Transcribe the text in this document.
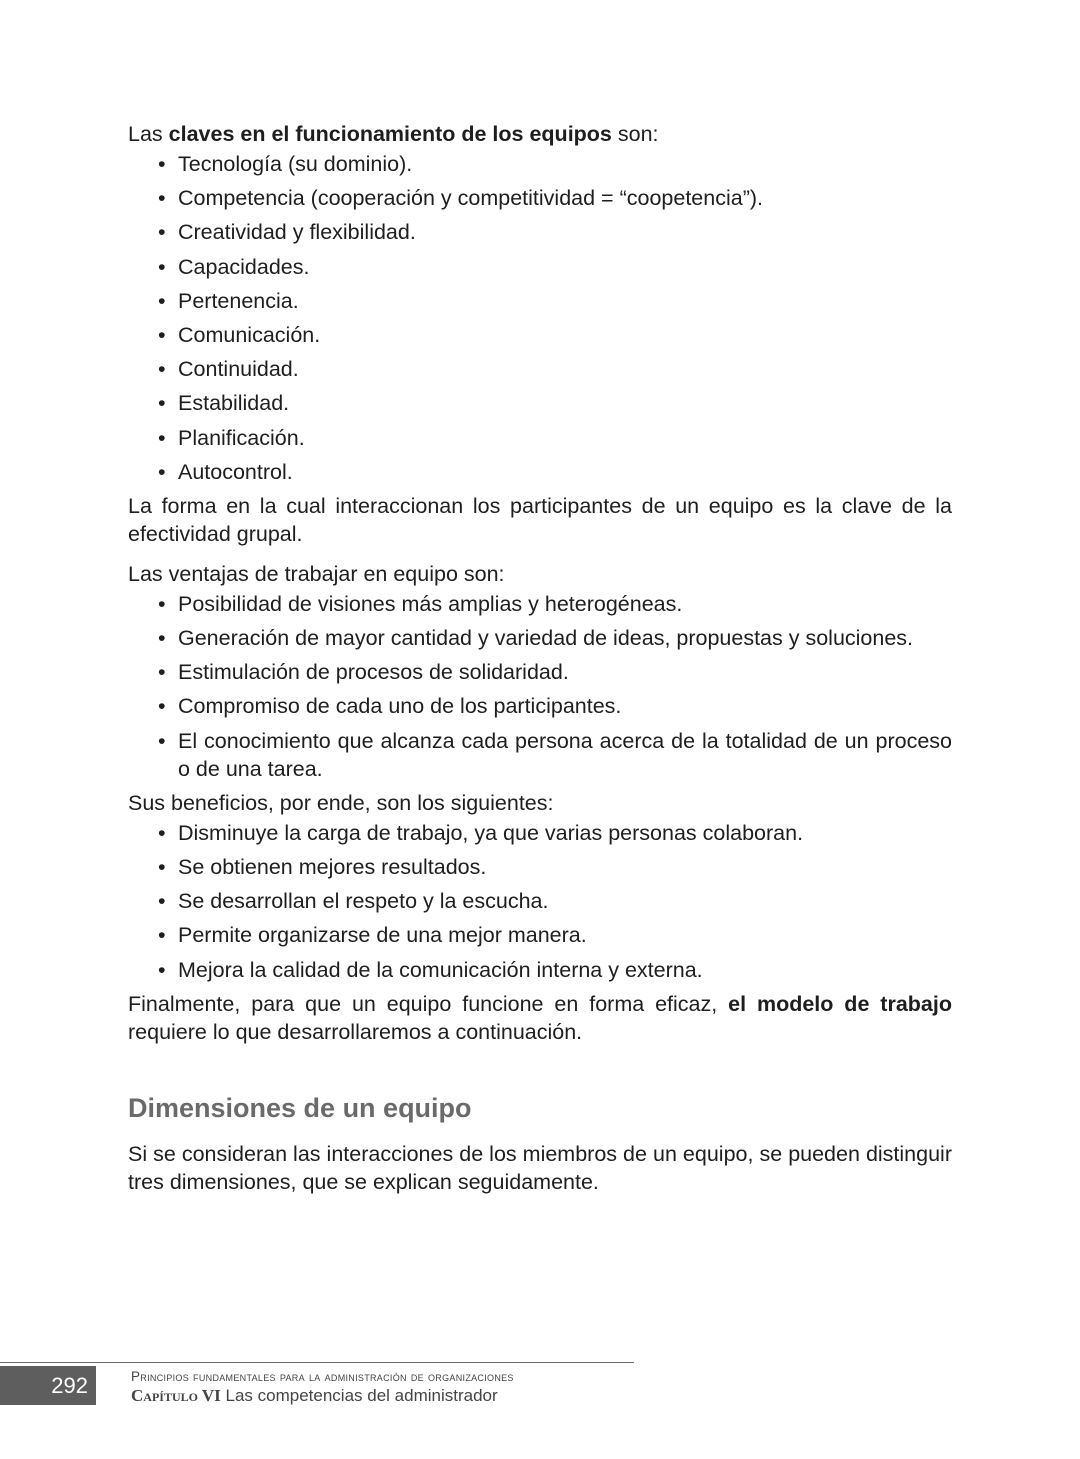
Las claves en el funcionamiento de los equipos son:

• Tecnología (su dominio).
• Competencia (cooperación y competitividad = “coopetencia”).
• Creatividad y flexibilidad.
• Capacidades.
• Pertenencia.
• Comunicación.
• Continuidad.
• Estabilidad.
• Planificación.
• Autocontrol.

La forma en la cual interaccionan los participantes de un equipo es la clave de la efectividad grupal.

Las ventajas de trabajar en equipo son:

• Posibilidad de visiones más amplias y heterogéneas.
• Generación de mayor cantidad y variedad de ideas, propuestas y soluciones.
• Estimulación de procesos de solidaridad.
• Compromiso de cada uno de los participantes.
• El conocimiento que alcanza cada persona acerca de la totalidad de un proceso o de una tarea.

Sus beneficios, por ende, son los siguientes:

• Disminuye la carga de trabajo, ya que varias personas colaboran.
• Se obtienen mejores resultados.
• Se desarrollan el respeto y la escucha.
• Permite organizarse de una mejor manera.
• Mejora la calidad de la comunicación interna y externa.

Finalmente, para que un equipo funcione en forma eficaz, el modelo de trabajo requiere lo que desarrollaremos a continuación.

Dimensiones de un equipo

Si se consideran las interacciones de los miembros de un equipo, se pueden distinguir tres dimensiones, que se explican seguidamente.

292	Principios fundamentales para la administración de organizaciones
Capítulo VI Las competencias del administrador
